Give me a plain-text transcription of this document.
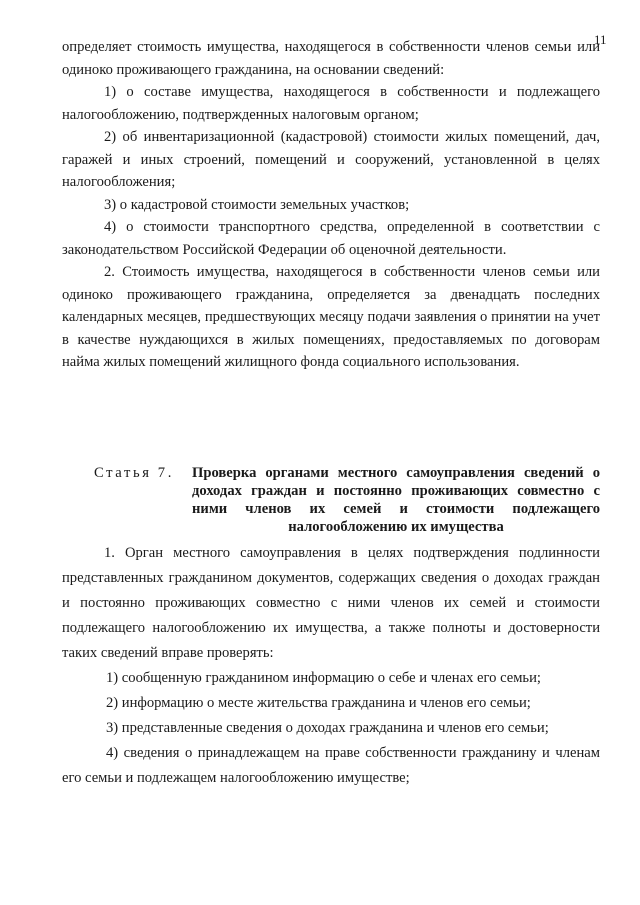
11

определяет стоимость имущества, находящегося в собственности членов семьи или одиноко проживающего гражданина, на основании сведений:

1) о составе имущества, находящегося в собственности и подлежащего налогообложению, подтвержденных налоговым органом;

2) об инвентаризационной (кадастровой) стоимости жилых помещений, дач, гаражей и иных строений, помещений и сооружений, установленной в целях налогообложения;

3) о кадастровой стоимости земельных участков;

4) о стоимости транспортного средства, определенной в соответствии с законодательством Российской Федерации об оценочной деятельности.

2. Стоимость имущества, находящегося в собственности членов семьи или одиноко проживающего гражданина, определяется за двенадцать последних календарных месяцев, предшествующих месяцу подачи заявления о принятии на учет в качестве нуждающихся в жилых помещениях, предоставляемых по договорам найма жилых помещений жилищного фонда социального использования.

Статья 7.	Проверка органами местного самоуправления сведений о доходах граждан и постоянно проживающих совместно с ними членов их семей и стоимости подлежащего налогообложению их имущества

1. Орган местного самоуправления в целях подтверждения подлинности представленных гражданином документов, содержащих сведения о доходах граждан и постоянно проживающих совместно с ними членов их семей и стоимости подлежащего налогообложению их имущества, а также полноты и достоверности таких сведений вправе проверять:

1) сообщенную гражданином информацию о себе и членах его семьи;

2) информацию о месте жительства гражданина и членов его семьи;

3) представленные сведения о доходах гражданина и членов его семьи;

4) сведения о принадлежащем на праве собственности гражданину и членам его семьи и подлежащем налогообложению имуществе;
